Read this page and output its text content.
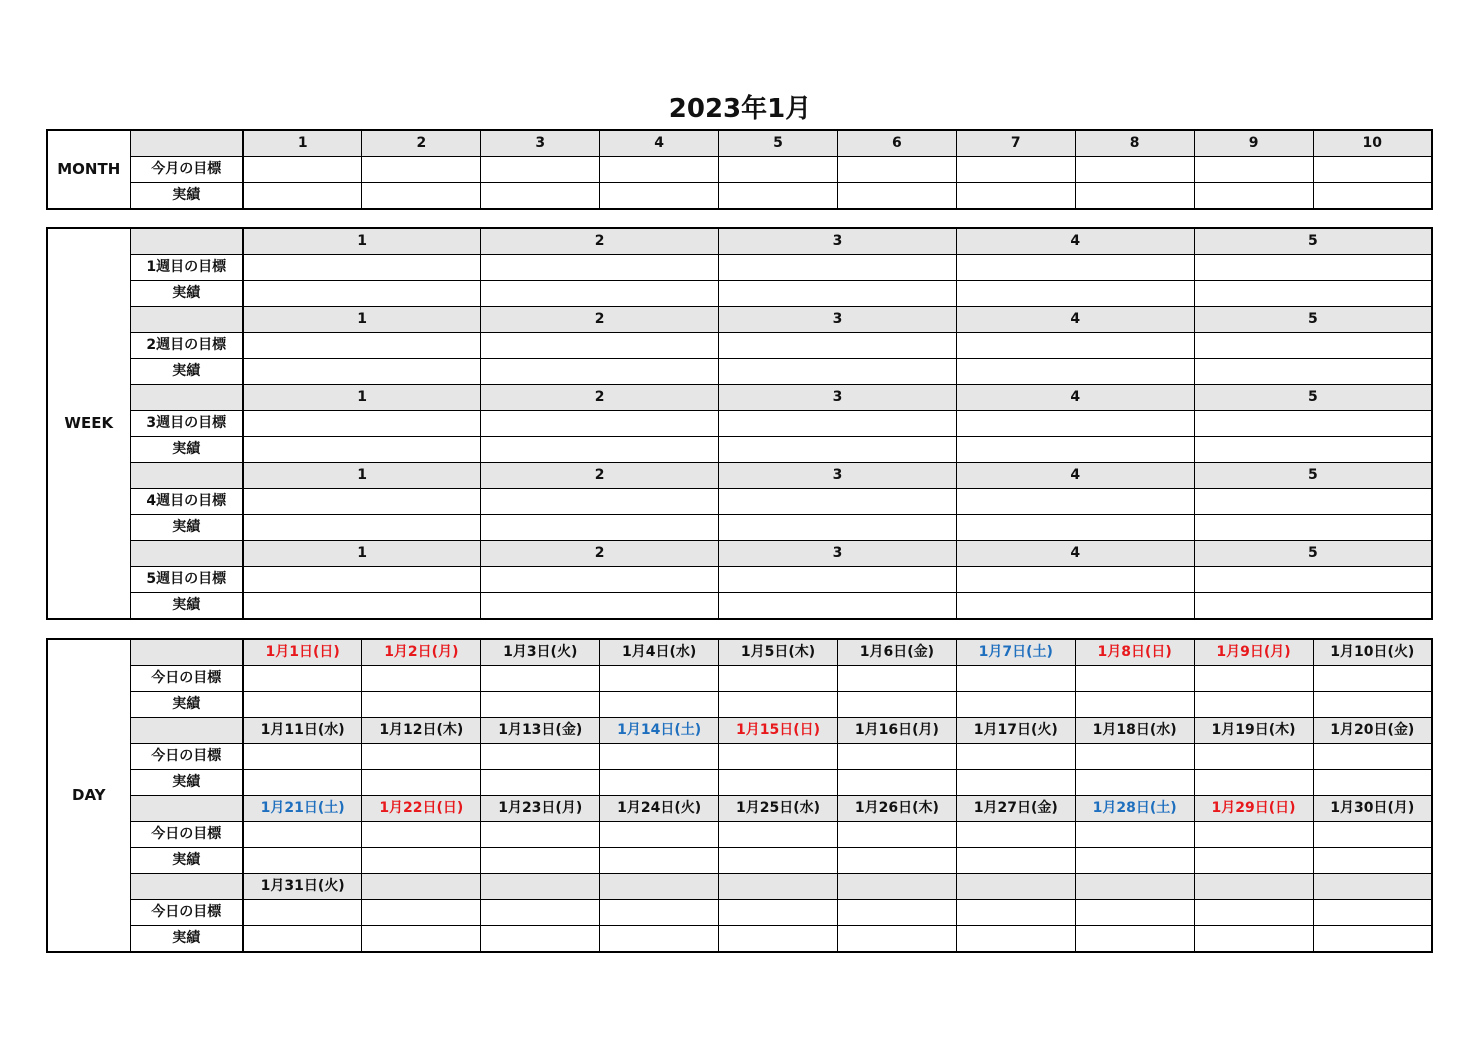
2023年1月
MONTH		1	2	3	4	5	6	7	8	9	10
	今月の目標										
	実績										
WEEK		1	2	3	4	5
	1週目の目標					
	実績					
		1	2	3	4	5
	2週目の目標					
	実績					
		1	2	3	4	5
	3週目の目標					
	実績					
		1	2	3	4	5
	4週目の目標					
	実績					
		1	2	3	4	5
	5週目の目標					
	実績					
DAY		1月1日(日)	1月2日(月)	1月3日(火)	1月4日(水)	1月5日(木)	1月6日(金)	1月7日(土)	1月8日(日)	1月9日(月)	1月10日(火)
	今日の目標										
	実績										
		1月11日(水)	1月12日(木)	1月13日(金)	1月14日(土)	1月15日(日)	1月16日(月)	1月17日(火)	1月18日(水)	1月19日(木)	1月20日(金)
	今日の目標										
	実績										
		1月21日(土)	1月22日(日)	1月23日(月)	1月24日(火)	1月25日(水)	1月26日(木)	1月27日(金)	1月28日(土)	1月29日(日)	1月30日(月)
	今日の目標										
	実績										
		1月31日(火)									
	今日の目標										
	実績										
